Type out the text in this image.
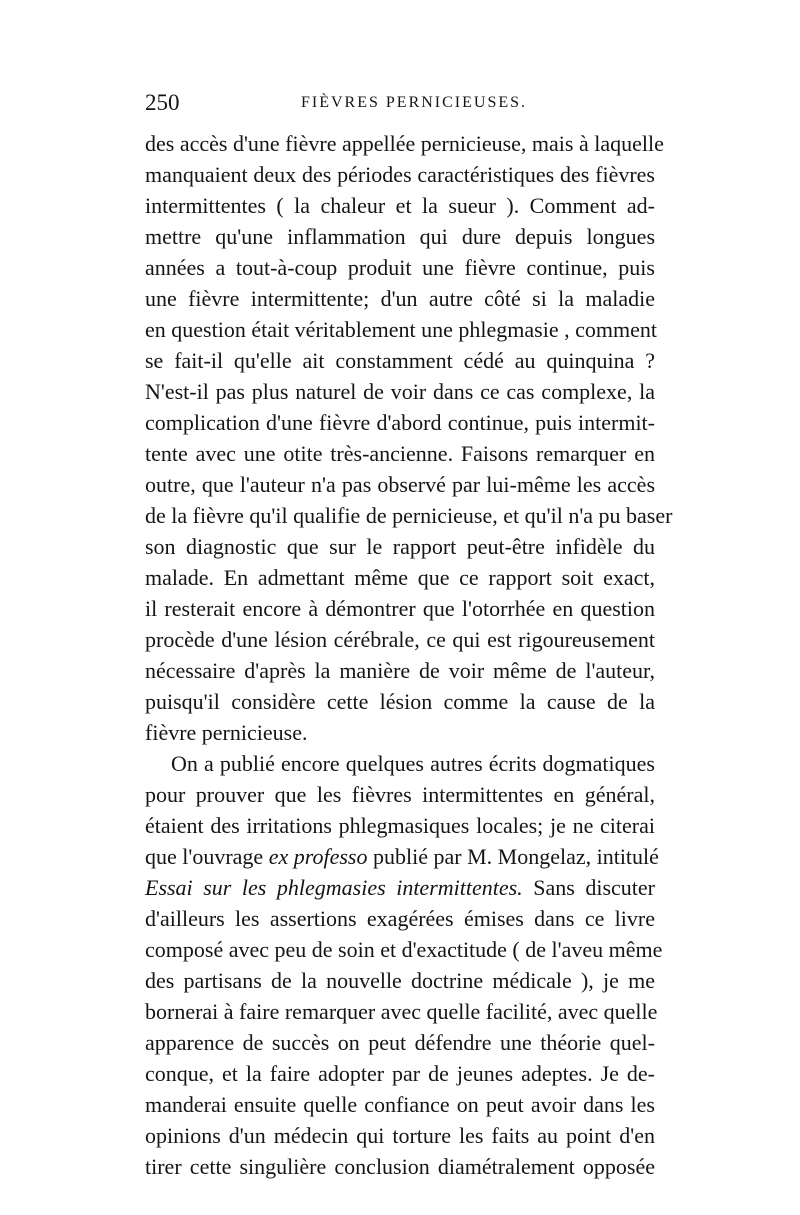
250	FIÈVRES PERNICIEUSES.
des accès d'une fièvre appellée pernicieuse, mais à laquelle
manquaient deux des périodes caractéristiques des fièvres
intermittentes ( la chaleur et la sueur ). Comment ad-
mettre qu'une inflammation qui dure depuis longues
années a tout-à-coup produit une fièvre continue, puis
une fièvre intermittente; d'un autre côté si la maladie
en question était véritablement une phlegmasie , comment
se fait-il qu'elle ait constamment cédé au quinquina ?
N'est-il pas plus naturel de voir dans ce cas complexe, la
complication d'une fièvre d'abord continue, puis intermit-
tente avec une otite très-ancienne. Faisons remarquer en
outre, que l'auteur n'a pas observé par lui-même les accès
de la fièvre qu'il qualifie de pernicieuse, et qu'il n'a pu baser
son diagnostic que sur le rapport peut-être infidèle du
malade. En admettant même que ce rapport soit exact,
il resterait encore à démontrer que l'otorrhée en question
procède d'une lésion cérébrale, ce qui est rigoureusement
nécessaire d'après la manière de voir même de l'auteur,
puisqu'il considère cette lésion comme la cause de la
fièvre pernicieuse.
On a publié encore quelques autres écrits dogmatiques
pour prouver que les fièvres intermittentes en général,
étaient des irritations phlegmasiques locales; je ne citerai
que l'ouvrage ex professo publié par M. Mongelaz, intitulé
Essai sur les phlegmasies intermittentes. Sans discuter
d'ailleurs les assertions exagérées émises dans ce livre
composé avec peu de soin et d'exactitude ( de l'aveu même
des partisans de la nouvelle doctrine médicale ), je me
bornerai à faire remarquer avec quelle facilité, avec quelle
apparence de succès on peut défendre une théorie quel-
conque, et la faire adopter par de jeunes adeptes. Je de-
manderai ensuite quelle confiance on peut avoir dans les
opinions d'un médecin qui torture les faits au point d'en
tirer cette singulière conclusion diamétralement opposée
